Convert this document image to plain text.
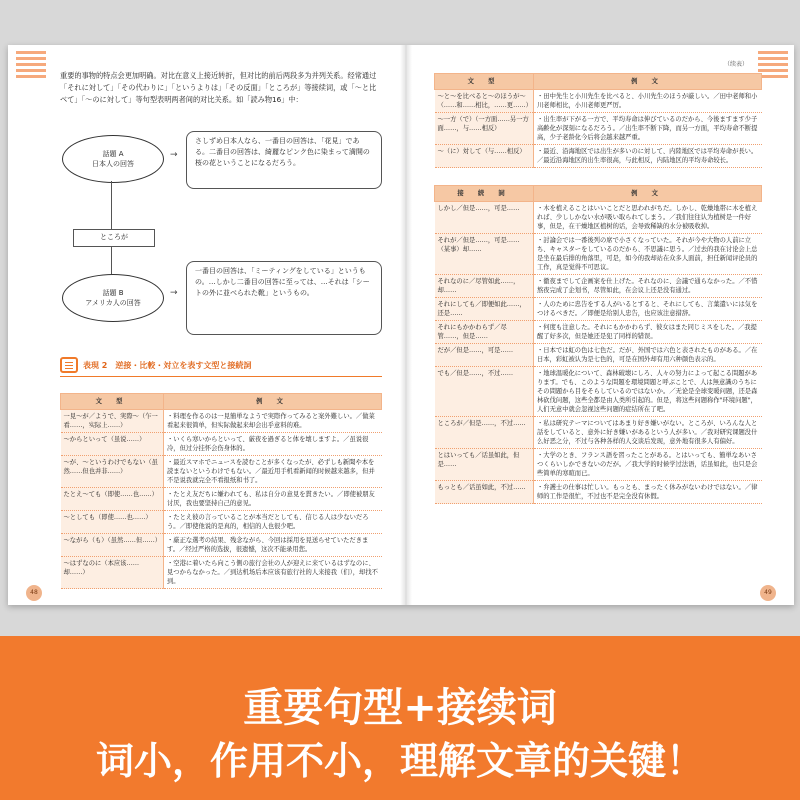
重要的事物的特点会更加明确。对比在意义上接近转折，但对比的前后两段多为并列关系。经常通过「それに対して」「その代わりに」「というよりは」「その反面」「ところが」等接续词，或「～と比べて」「～のに対して」等句型表明两者间的对比关系。如「読み物16」中：
話題 A
日本人の回答
→
さしずめ日本人なら、一番目の回答は、「花見」である。二番目の回答は、綺麗なピンク色に染まって満開の桜の花ということになるだろう。
ところが
話題 B
アメリカ人の回答
→
一番目の回答は、「ミーティングをしている」というもの。…しかし二番目の回答に至っては、…それは「シートの外に並べられた靴」というもの。
表現 2　逆接・比較・対立を表す文型と接続詞
文 型	例 文
一見～が／ようで、実際～（乍一看……，实际上……）	・料理を作るのは一見簡単なようで実際作ってみると案外難しい。／做菜看起来很简单，但实际做起来却会出乎意料的难。
～からといって（虽说……）	・いくら寒いからといって、厳夜を過ぎると体を壊しますよ。／虽说很冷，但过分挂怀会伤身体的。
～が、～というわけでもない（虽然……但也并非……）	・最近スマホでニュースを読むことが多くなったが、必ずしも新聞や本を読まないというわけでもない。／最近用手机看新闻的时候越来越多，但并不是说我就完全不看报纸和书了。
たとえ～ても（即使……也……）	・たとえ友だちに嫌われても、私は自分の意見を貫きたい。／即使被朋友讨厌，我也要坚持自己的意见。
～としても（即使……也……）	・たとえ彼の言っていることが本当だとしても、信じる人は少ないだろう。／即使他说的是真的，相信的人也很少吧。
～ながら（も）（虽然……但……）	・厳正な選考の結果、残念ながら、今回は採用を見送らせていただきます。／经过严格的选拔，很遗憾，这次不能录用您。
～はずなのに（本应该……却……）	・空港に着いたら向こう側の旅行会社の人が迎えに来ているはずなのに、見つからなかった。／到达机场后本应该有旅行社的人来接我（们），却找不到。
48
（续表）
文 型	例 文
～と～を比べると～のほうが～（……和……相比，……更……）	・田中先生と小川先生を比べると、小川先生のほうが厳しい。／田中老师和小川老师相比，小川老师更严厉。
～一方（で）（一方面……另一方面……，与……相反）	・出生率が下がる一方で、平均寿命は伸びているのだから、今後ますます少子高齢化が深刻になるだろう。／出生率不断下降，而另一方面，平均寿命不断提高，少子老龄化今后将会越来越严重。
～（に）対して（与……相反）	・最近、沿海地区では出生が多いのに対して、内陸地区では平均寿命が長い。／最近沿海地区的出生率很高，与此相反，内陆地区的平均寿命较长。
接 続 詞	例 文
しかし／但是……，可是……	・木を植えることはいいことだと思われがちだ。しかし、乾燥地帯に木を植えれば、少ししかない水が吸い取られてしまう。／我们往往认为植树是一件好事，但是，在干燥地区植树的话，会导致稀缺的水分被吸收掉。
それが／但是……，可是……（某事）却……	・討論会では一番後列の席で小さくなっていた。それが今や大物の人前に立ち、キャスターをしているのだから、不思議に思う。／过去的我在讨论会上总是坐在最后排的角落里，可是，如今的我却站在众多人面前，担任新闻评论员的工作，真是觉得不可思议。
それなのに／尽管如此……，却……	・徹夜までして企画案を仕上げた。それなのに、会議で通らなかった。／不惜熬夜完成了企划书，尽管如此，在会议上还是没有通过。
それにしても／即便如此……，还是……	・人のために忠告をする人がいるとすると、それにしても、言葉遣いには気をつけるべきだ。／即便是给别人忠告，也应该注意措辞。
それにもかかわらず／尽管……，但是……	・何度も注意した。それにもかかわらず、彼女はまた同じミスをした。／我提醒了好多次，但是她还是犯了同样的错误。
だが／但是……，可是……	・日本では虹の色は七色だ。だが、外国では六色と表されたものがある。／在日本，彩虹被认为是七色的，可是在国外却有用六种颜色表示的。
でも／但是……，不过……	・地球温暖化について、森林破壊にしろ、人々の努力によって起こる問題があります。でも、このような問題を環境問題と呼ぶことで、人は無意識のうちにその問題から目をそらしているのではないか。／无论是全球变暖问题，还是森林砍伐问题，这些全都是由人类所引起的。但是，将这些问题称作"环境问题"，人们无意中就会忽视这些问题的症结所在了吧。
ところが／但是……，不过……	・私は研究テーマについてはあまり好き嫌いがない。ところが、いろんな人と話をしていると、意外に好き嫌いがあるという人が多い。／我对研究课题没什么好恶之分，不过与各种各样的人交谈后发现，意外地有很多人有偏好。
とはいっても／话虽如此，但是……	・大学のとき、フランス語を習ったことがある。とはいっても、簡単なあいさつくらいしかできないのだが。／我大学的时候学过法语，话虽如此，也只是会些简单的寒暄而已。
もっとも／话虽如此，不过……	・弁護士の仕事は忙しい。もっとも、まったく休みがないわけではない。／律师的工作是很忙，不过也不是完全没有休假。
49
重要句型+接续词
词小，作用不小，理解文章的关键！
